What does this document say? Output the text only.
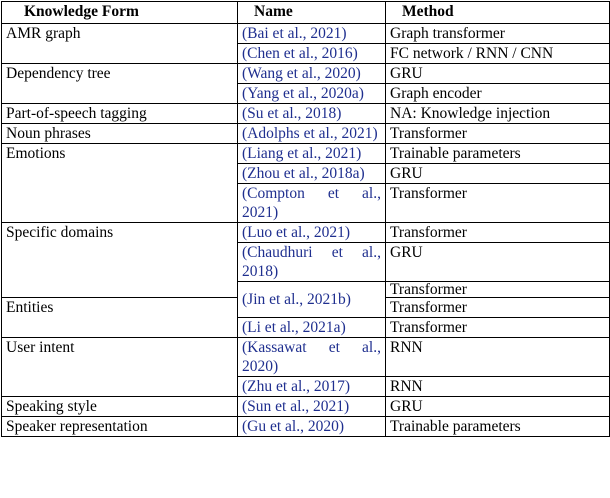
Knowledge Form	Name	Method
AMR graph	(Bai et al., 2021)	Graph transformer
	(Chen et al., 2016)	FC network / RNN / CNN
Dependency tree	(Wang et al., 2020)	GRU
	(Yang et al., 2020a)	Graph encoder
Part-of-speech tagging	(Su et al., 2018)	NA: Knowledge injection
Noun phrases	(Adolphs et al., 2021)	Transformer
Emotions	(Liang et al., 2021)	Trainable parameters
	(Zhou et al., 2018a)	GRU
	(Compton et al., 2021)	Transformer
Specific domains	(Luo et al., 2021)	Transformer
	(Chaudhuri et al., 2018)	GRU
	(Jin et al., 2021b)	Transformer
Entities		Transformer
	(Li et al., 2021a)	Transformer
User intent	(Kassawat et al., 2020)	RNN
	(Zhu et al., 2017)	RNN
Speaking style	(Sun et al., 2021)	GRU
Speaker representation	(Gu et al., 2020)	Trainable parameters
